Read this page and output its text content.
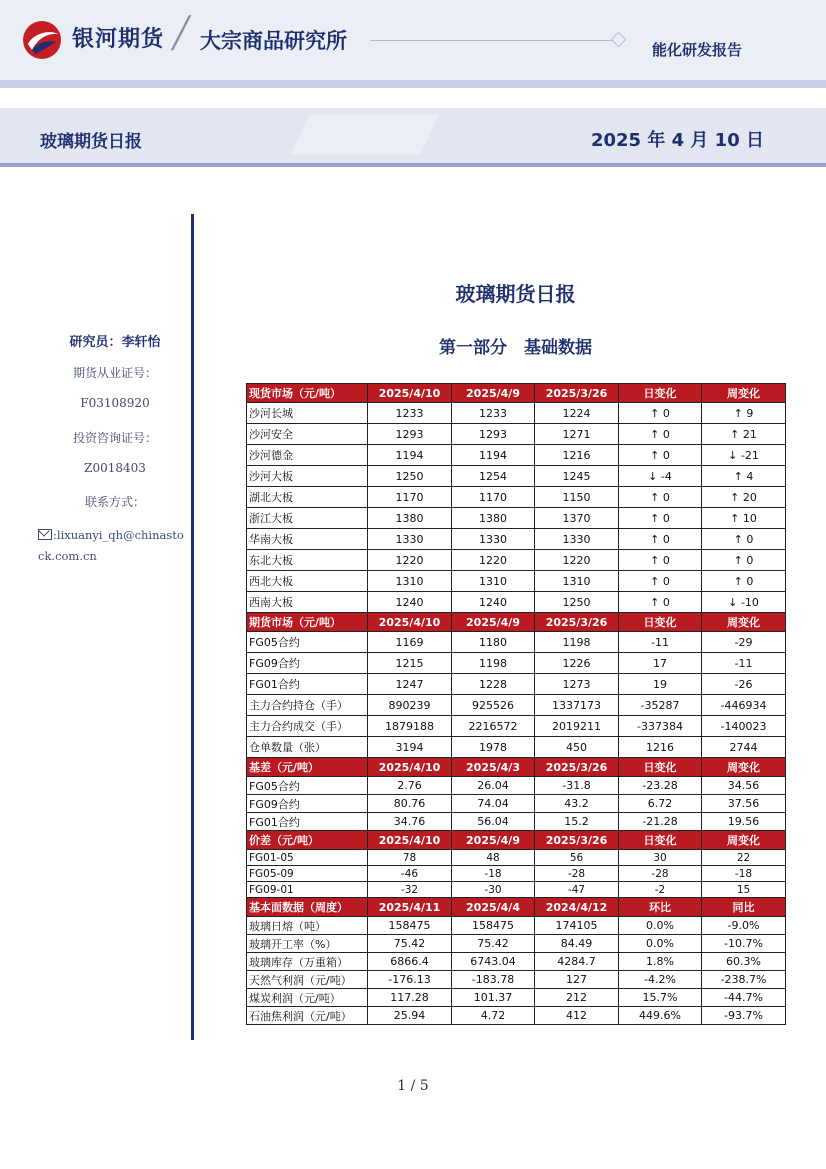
银河期货 ╱ 大宗商品研究所	能化研发报告
玻璃期货日报	2025 年 4 月 10 日
研究员：李轩怡
期货从业证号：
F03108920
投资咨询证号：
Z0018403
联系方式：
:lixuanyi_qh@chinastock.com.cn
玻璃期货日报
第一部分　基础数据
现货市场（元/吨）	2025/4/10	2025/4/9	2025/3/26	日变化	周变化
沙河长城	1233	1233	1224	↑ 0	↑ 9
沙河安全	1293	1293	1271	↑ 0	↑ 21
沙河德金	1194	1194	1216	↑ 0	↓ -21
沙河大板	1250	1254	1245	↓ -4	↑ 4
湖北大板	1170	1170	1150	↑ 0	↑ 20
浙江大板	1380	1380	1370	↑ 0	↑ 10
华南大板	1330	1330	1330	↑ 0	↑ 0
东北大板	1220	1220	1220	↑ 0	↑ 0
西北大板	1310	1310	1310	↑ 0	↑ 0
西南大板	1240	1240	1250	↑ 0	↓ -10
期货市场（元/吨）	2025/4/10	2025/4/9	2025/3/26	日变化	周变化
FG05合约	1169	1180	1198	-11	-29
FG09合约	1215	1198	1226	17	-11
FG01合约	1247	1228	1273	19	-26
主力合约持仓（手）	890239	925526	1337173	-35287	-446934
主力合约成交（手）	1879188	2216572	2019211	-337384	-140023
仓单数量（张）	3194	1978	450	1216	2744
基差（元/吨）	2025/4/10	2025/4/3	2025/3/26	日变化	周变化
FG05合约	2.76	26.04	-31.8	-23.28	34.56
FG09合约	80.76	74.04	43.2	6.72	37.56
FG01合约	34.76	56.04	15.2	-21.28	19.56
价差（元/吨）	2025/4/10	2025/4/9	2025/3/26	日变化	周变化
FG01-05	78	48	56	30	22
FG05-09	-46	-18	-28	-28	-18
FG09-01	-32	-30	-47	-2	15
基本面数据（周度）	2025/4/11	2025/4/4	2024/4/12	环比	同比
玻璃日熔（吨）	158475	158475	174105	0.0%	-9.0%
玻璃开工率（%）	75.42	75.42	84.49	0.0%	-10.7%
玻璃库存（万重箱）	6866.4	6743.04	4284.7	1.8%	60.3%
天然气利润（元/吨）	-176.13	-183.78	127	-4.2%	-238.7%
煤炭利润（元/吨）	117.28	101.37	212	15.7%	-44.7%
石油焦利润（元/吨）	25.94	4.72	412	449.6%	-93.7%
1 / 5
